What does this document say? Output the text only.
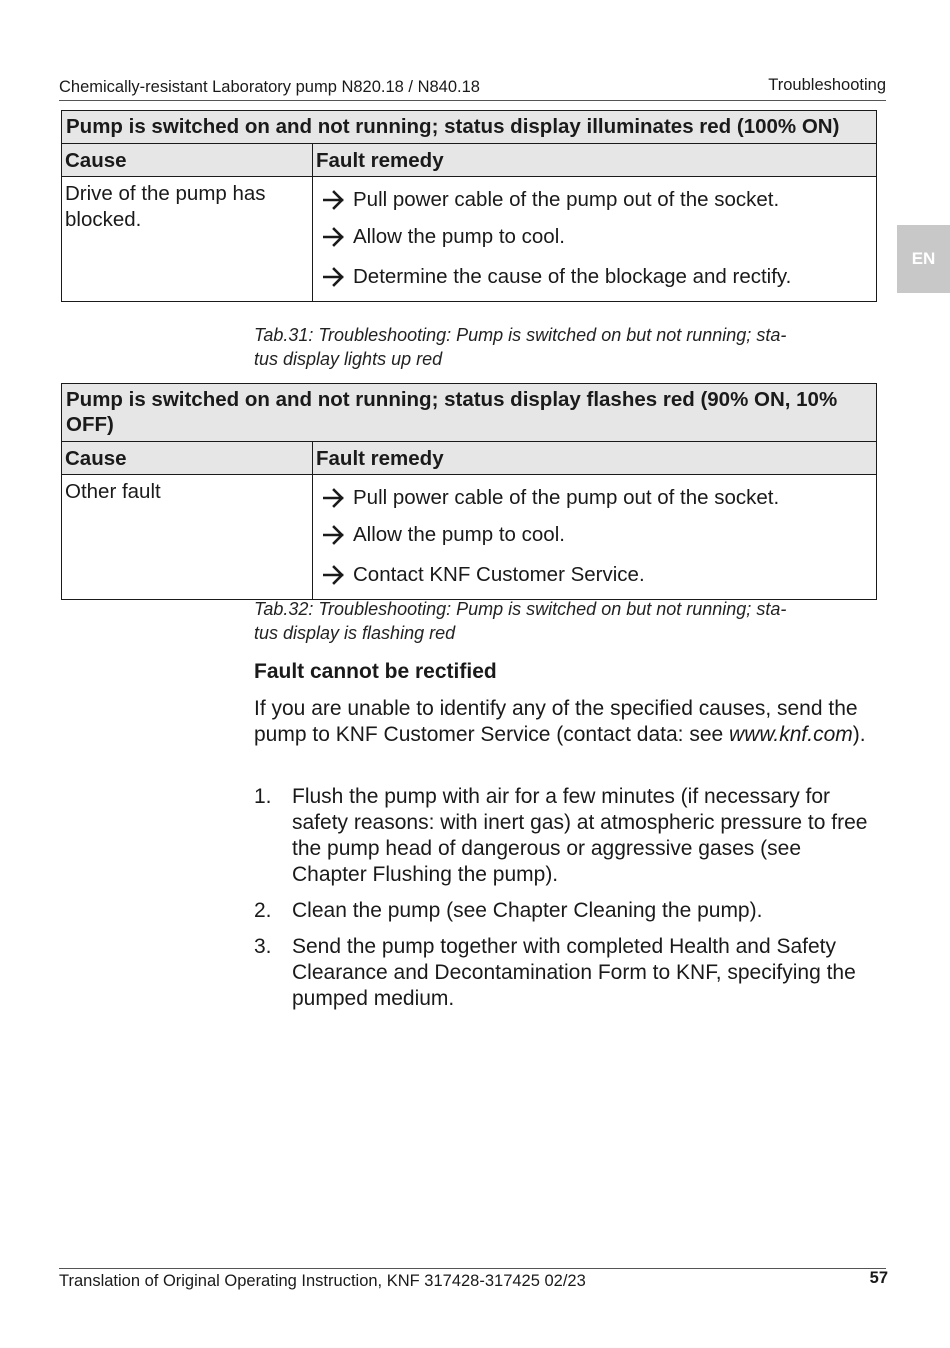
Chemically-resistant Laboratory pump N820.18 / N840.18	Troubleshooting
EN
Pump is switched on and not running; status display illuminates red (100% ON)	
Cause	Fault remedy
Drive of the pump has blocked.	Pull power cable of the pump out of the socket.
Allow the pump to cool.
Determine the cause of the blockage and rectify.
Tab.31: Troubleshooting: Pump is switched on but not running; sta-
tus display lights up red
Pump is switched on and not running; status display flashes red (90% ON, 10% OFF)	
Cause	Fault remedy
Other fault	Pull power cable of the pump out of the socket.
Allow the pump to cool.
Contact KNF Customer Service.
Tab.32: Troubleshooting: Pump is switched on but not running; sta-
tus display is flashing red
Fault cannot be rectified
If you are unable to identify any of the specified causes, send the pump to KNF Customer Service (contact data: see www.knf.com).
1. Flush the pump with air for a few minutes (if necessary for safety reasons: with inert gas) at atmospheric pressure to free the pump head of dangerous or aggressive gases (see Chapter Flushing the pump).
2. Clean the pump (see Chapter Cleaning the pump).
3. Send the pump together with completed Health and Safety Clearance and Decontamination Form to KNF, specifying the pumped medium.
Translation of Original Operating Instruction, KNF 317428-317425 02/23	57
